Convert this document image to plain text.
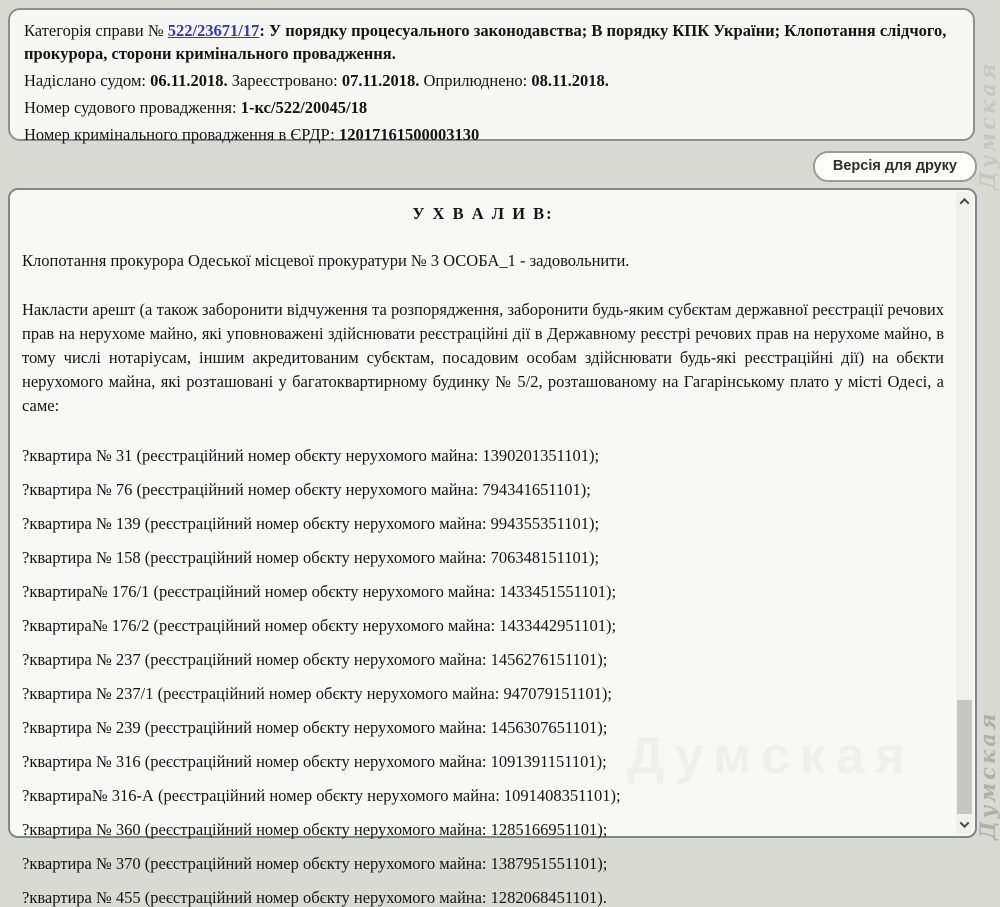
Категорія справи № 522/23671/17: У порядку процесуального законодавства; В порядку КПК України; Клопотання слідчого, прокурора, сторони кримінального провадження.

Надіслано судом: 06.11.2018. Зареєстровано: 07.11.2018. Оприлюднено: 08.11.2018.

Номер судового провадження: 1-кс/522/20045/18

Номер кримінального провадження в ЄРДР: 12017161500003130

Версія для друку

У Х В А Л И В:

Клопотання прокурора Одеської місцевої прокуратури № 3 ОСОБА_1 - задовольнити.

Накласти арешт (а також заборонити відчуження та розпорядження, заборонити будь-яким субєктам державної реєстрації речових прав на нерухоме майно, які уповноважені здійснювати реєстраційні дії в Державному реєстрі речових прав на нерухоме майно, в тому числі нотаріусам, іншим акредитованим субєктам, посадовим особам здійснювати будь-які реєстраційні дії) на обєкти нерухомого майна, які розташовані у багатоквартирному будинку № 5/2, розташованому на Гагарінському плато у місті Одесі, а саме:

?квартира № 31 (реєстраційний номер обєкту нерухомого майна: 1390201351101);

?квартира № 76 (реєстраційний номер обєкту нерухомого майна: 794341651101);

?квартира № 139 (реєстраційний номер обєкту нерухомого майна: 994355351101);

?квартира № 158 (реєстраційний номер обєкту нерухомого майна: 706348151101);

?квартира№ 176/1 (реєстраційний номер обєкту нерухомого майна: 1433451551101);

?квартира№ 176/2 (реєстраційний номер обєкту нерухомого майна: 1433442951101);

?квартира № 237 (реєстраційний номер обєкту нерухомого майна: 1456276151101);

?квартира № 237/1 (реєстраційний номер обєкту нерухомого майна: 947079151101);

?квартира № 239 (реєстраційний номер обєкту нерухомого майна: 1456307651101);

?квартира № 316 (реєстраційний номер обєкту нерухомого майна: 1091391151101);

?квартира№ 316-А (реєстраційний номер обєкту нерухомого майна: 1091408351101);

?квартира № 360 (реєстраційний номер обєкту нерухомого майна: 1285166951101);

?квартира № 370 (реєстраційний номер обєкту нерухомого майна: 1387951551101);

?квартира № 455 (реєстраційний номер обєкту нерухомого майна: 1282068451101).

Думская
Думская
Думская
